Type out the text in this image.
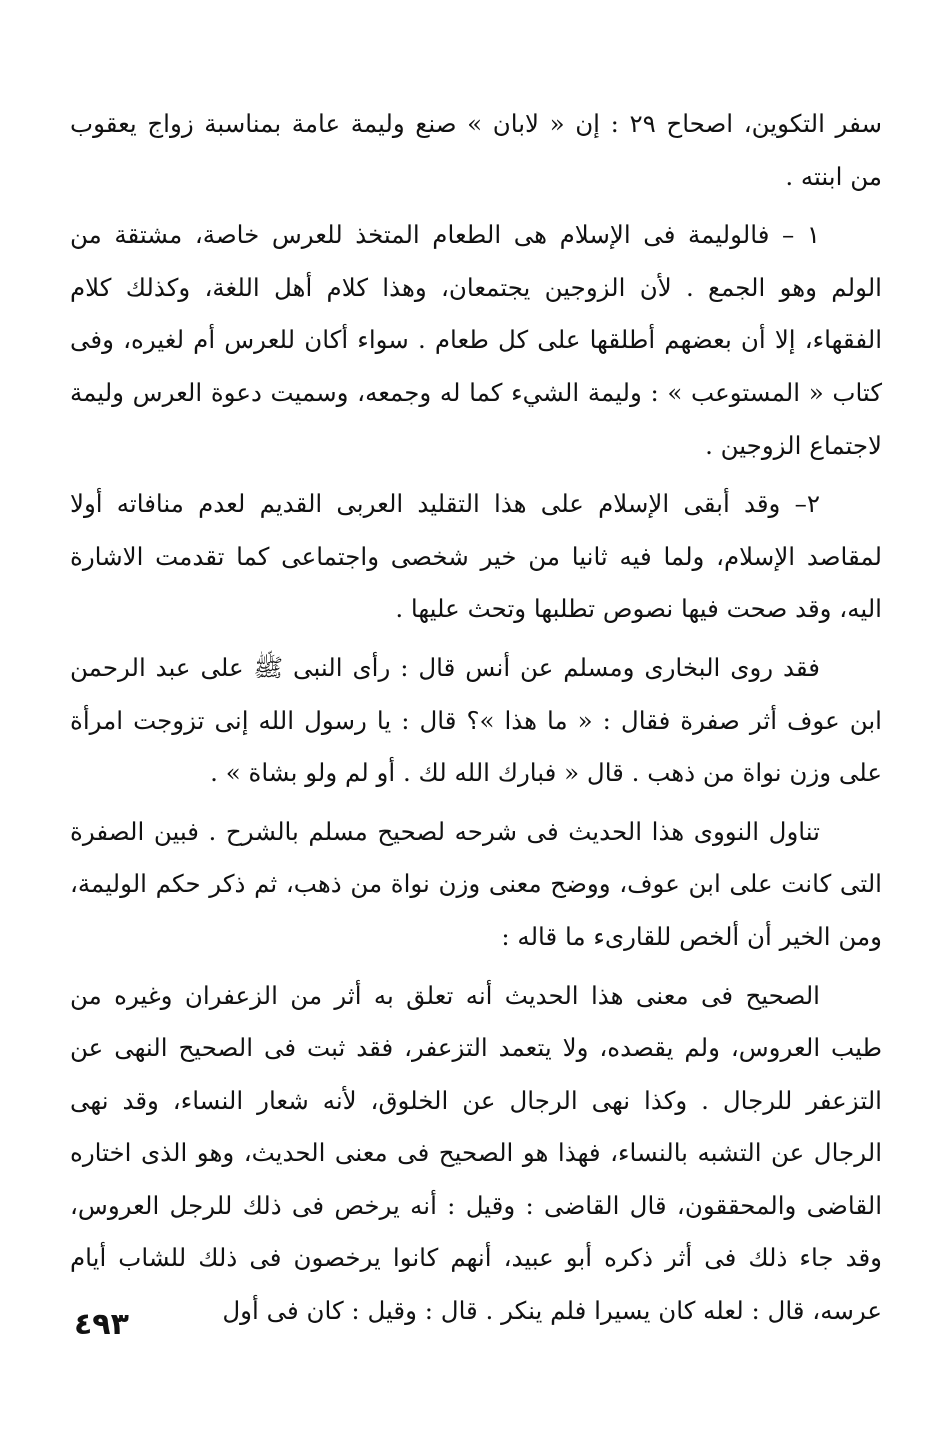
سفر التكوين، اصحاح ٢٩ : إن « لابان » صنع وليمة عامة بمناسبة زواج يعقوب من ابنته .

١ – فالوليمة فى الإسلام هى الطعام المتخذ للعرس خاصة، مشتقة من الولم وهو الجمع . لأن الزوجين يجتمعان، وهذا كلام أهل اللغة، وكذلك كلام الفقهاء، إلا أن بعضهم أطلقها على كل طعام . سواء أكان للعرس أم لغيره، وفى كتاب « المستوعب » : وليمة الشيء كما له وجمعه، وسميت دعوة العرس وليمة لاجتماع الزوجين .

٢– وقد أبقى الإسلام على هذا التقليد العربى القديم لعدم منافاته أولا لمقاصد الإسلام، ولما فيه ثانيا من خير شخصى واجتماعى كما تقدمت الاشارة اليه، وقد صحت فيها نصوص تطلبها وتحث عليها .

فقد روى البخارى ومسلم عن أنس قال : رأى النبى ﷺ على عبد الرحمن ابن عوف أثر صفرة فقال : « ما هذا »؟ قال : يا رسول الله إنى تزوجت امرأة على وزن نواة من ذهب . قال « فبارك الله لك . أو لم ولو بشاة » .

تناول النووى هذا الحديث فى شرحه لصحيح مسلم بالشرح . فبين الصفرة التى كانت على ابن عوف، ووضح معنى وزن نواة من ذهب، ثم ذكر حكم الوليمة، ومن الخير أن ألخص للقارىء ما قاله :

الصحيح فى معنى هذا الحديث أنه تعلق به أثر من الزعفران وغيره من طيب العروس، ولم يقصده، ولا يتعمد التزعفر، فقد ثبت فى الصحيح النهى عن التزعفر للرجال . وكذا نهى الرجال عن الخلوق، لأنه شعار النساء، وقد نهى الرجال عن التشبه بالنساء، فهذا هو الصحيح فى معنى الحديث، وهو الذى اختاره القاضى والمحققون، قال القاضى : وقيل : أنه يرخص فى ذلك للرجل العروس، وقد جاء ذلك فى أثر ذكره أبو عبيد، أنهم كانوا يرخصون فى ذلك للشاب أيام عرسه، قال : لعله كان يسيرا فلم ينكر . قال : وقيل : كان فى أول

٤٩٣
